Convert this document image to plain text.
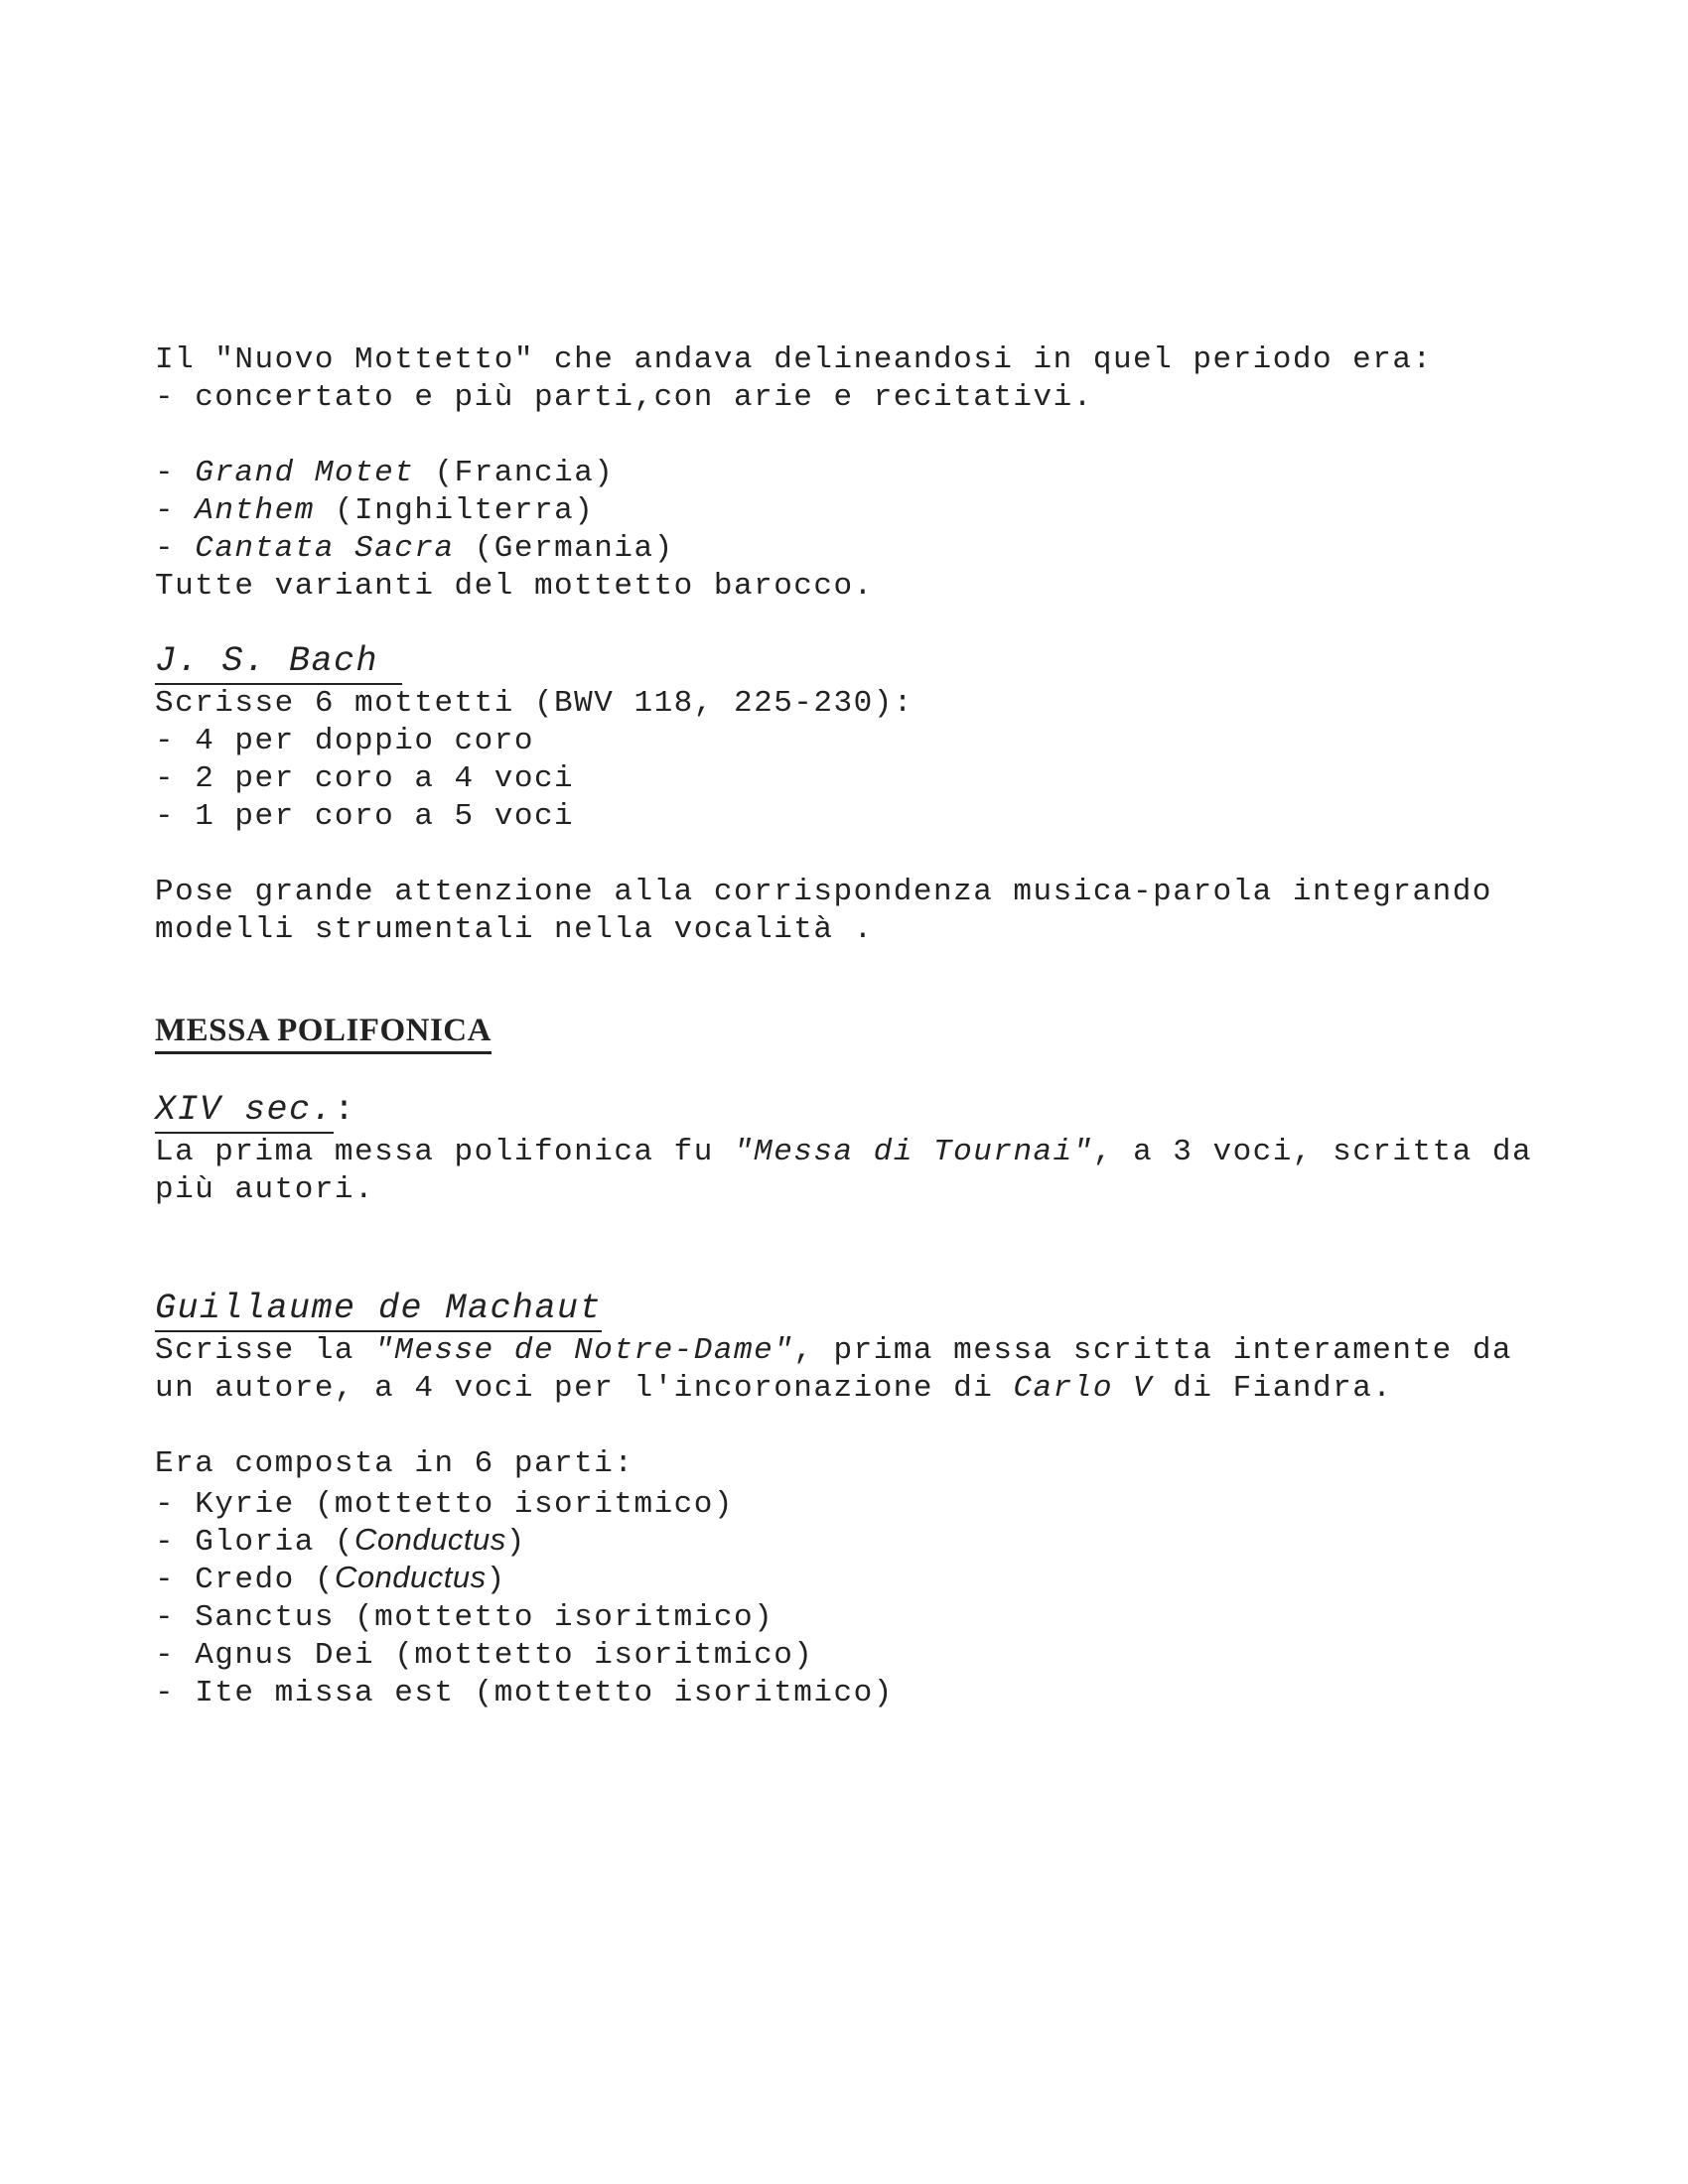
Il "Nuovo Mottetto" che andava delineandosi in quel periodo era:
- concertato e più parti,con arie e recitativi.
- Grand Motet (Francia)
- Anthem (Inghilterra)
- Cantata Sacra (Germania)
Tutte varianti del mottetto barocco.
J. S. Bach
Scrisse 6 mottetti (BWV 118, 225-230):
- 4 per doppio coro
- 2 per coro a 4 voci
- 1 per coro a 5 voci
Pose grande attenzione alla corrispondenza musica-parola integrando
modelli strumentali nella vocalità .
MESSA POLIFONICA
XIV sec.:
La prima messa polifonica fu "Messa di Tournai", a 3 voci, scritta da
più autori.
Guillaume de Machaut
Scrisse la "Messe de Notre-Dame", prima messa scritta interamente da
un autore, a 4 voci per l'incoronazione di Carlo V di Fiandra.
Era composta in 6 parti:
- Kyrie (mottetto isoritmico)
- Gloria (Conductus)
- Credo (Conductus)
- Sanctus (mottetto isoritmico)
- Agnus Dei (mottetto isoritmico)
- Ite missa est (mottetto isoritmico)
